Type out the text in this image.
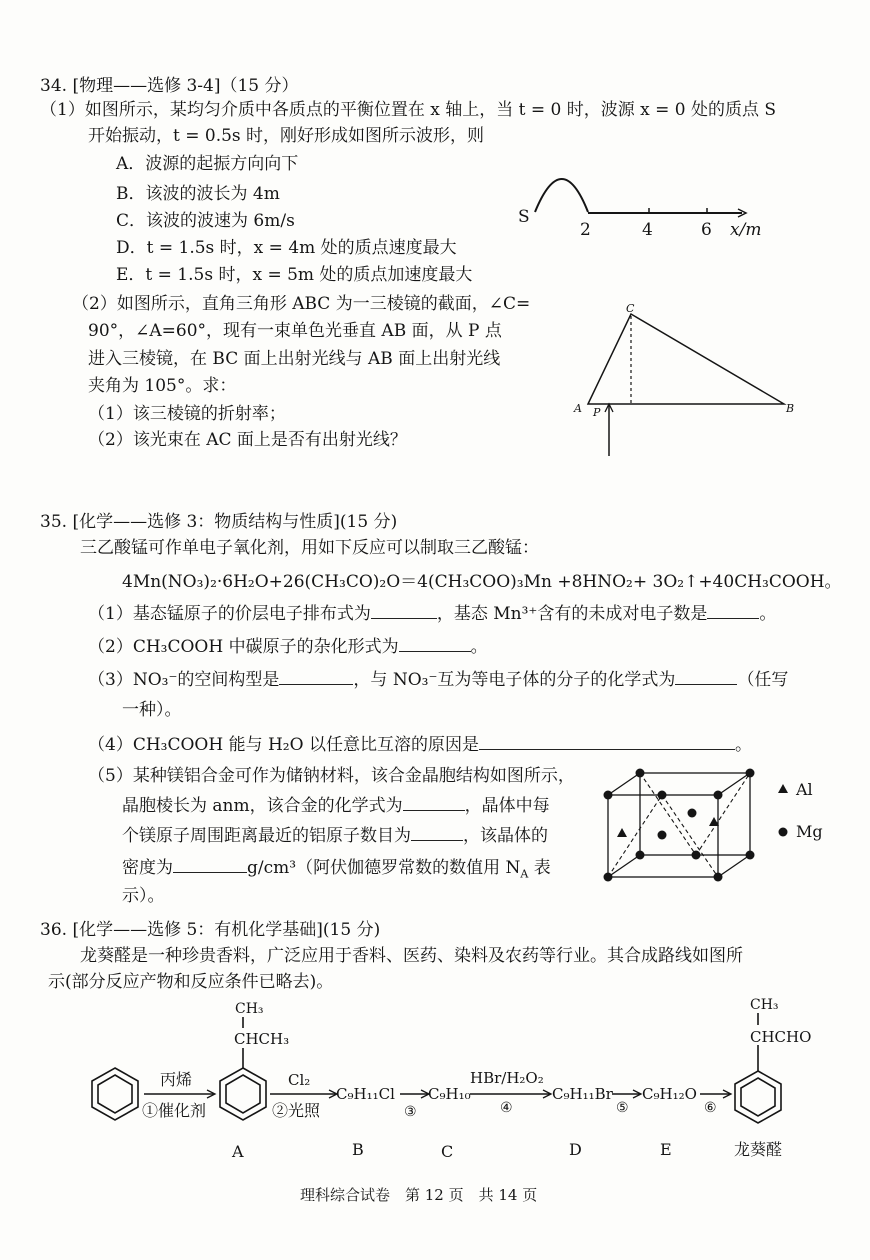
34. [物理——选修 3-4]（15 分）
（1）如图所示，某均匀介质中各质点的平衡位置在 x 轴上，当 t = 0 时，波源 x = 0 处的质点 S
开始振动，t = 0.5s 时，刚好形成如图所示波形，则
A．波源的起振方向向下
B．该波的波长为 4m
C．该波的波速为 6m/s
D．t = 1.5s 时，x = 4m 处的质点速度最大
E．t = 1.5s 时，x = 5m 处的质点加速度最大
S
2	4	6 x/m
（2）如图所示，直角三角形 ABC 为一三棱镜的截面，∠C=
90°，∠A=60°，现有一束单色光垂直 AB 面，从 P 点
进入三棱镜，在 BC 面上出射光线与 AB 面上出射光线
夹角为 105°。求：
（1）该三棱镜的折射率；
（2）该光束在 AC 面上是否有出射光线？
A P	B
C
35. [化学——选修 3：物质结构与性质](15 分)
三乙酸锰可作单电子氧化剂，用如下反应可以制取三乙酸锰：
4Mn(NO₃)₂·6H₂O+26(CH₃CO)₂O＝4(CH₃COO)₃Mn +8HNO₂+ 3O₂↑+40CH₃COOH。
（1）基态锰原子的价层电子排布式为	，基态 Mn³⁺含有的未成对电子数是	。
（2）CH₃COOH 中碳原子的杂化形式为	。
（3）NO₃⁻的空间构型是	，与 NO₃⁻互为等电子体的分子的化学式为	（任写
一种）。
（4）CH₃COOH 能与 H₂O 以任意比互溶的原因是	。
（5）某种镁铝合金可作为储钠材料，该合金晶胞结构如图所示，
晶胞棱长为 anm，该合金的化学式为	，晶体中每
个镁原子周围距离最近的铝原子数目为	，该晶体的
密度为	g/cm³（阿伏伽德罗常数的数值用 $N_A$ 表
示）。
Al
Mg
36. [化学——选修 5：有机化学基础](15 分)
龙葵醛是一种珍贵香料，广泛应用于香料、医药、染料及农药等行业。其合成路线如图所
示(部分反应产物和反应条件已略去)。
丙烯
①催化剂
CH₃
CHCH₃
Cl₂
②光照
C₉H₁₁Cl
③
C₉H₁₀
HBr/H₂O₂
④
C₉H₁₁Br
⑤
C₉H₁₂O
⑥
CH₃
CHCHO
A	B	C	D	E	龙葵醛
理科综合试卷　第 12 页　共 14 页
